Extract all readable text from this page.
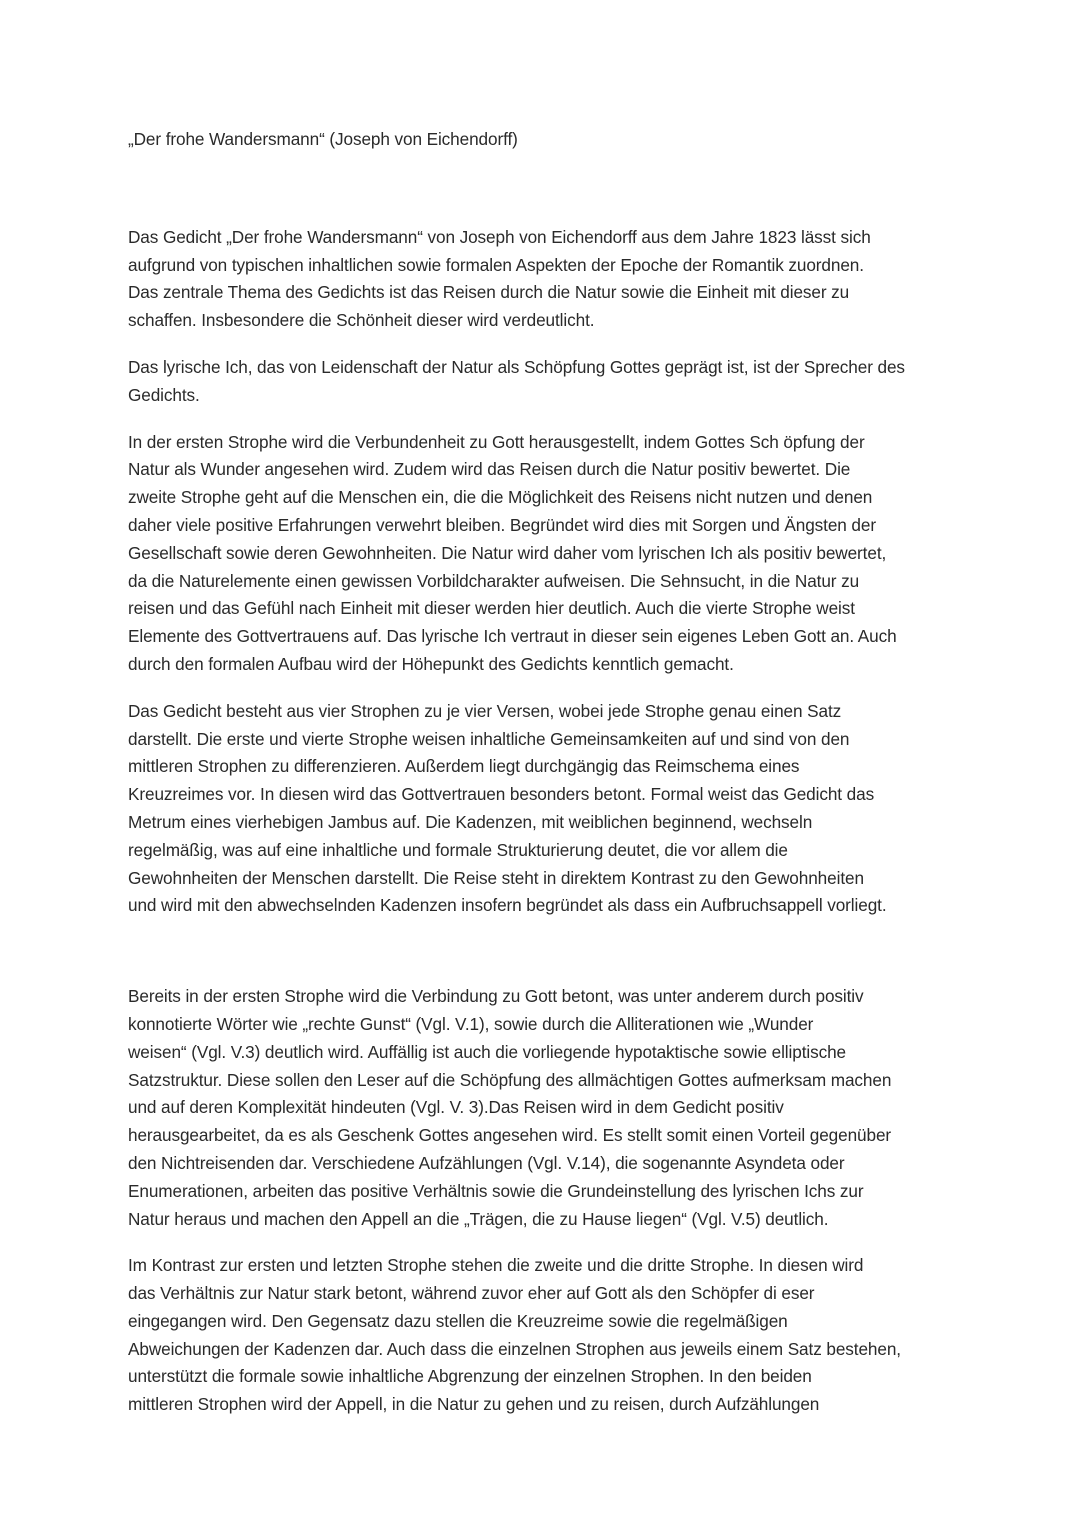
„Der frohe Wandersmann“ (Joseph von Eichendorff)

Das Gedicht „Der frohe Wandersmann“ von Joseph von Eichendorff aus dem Jahre 1823 lässt sich
aufgrund von typischen inhaltlichen sowie formalen Aspekten der Epoche der Romantik zuordnen.
Das zentrale Thema des Gedichts ist das Reisen durch die Natur sowie die Einheit mit dieser zu
schaffen. Insbesondere die Schönheit dieser wird verdeutlicht.

Das lyrische Ich, das von Leidenschaft der Natur als Schöpfung Gottes geprägt ist, ist der Sprecher des
Gedichts.

In der ersten Strophe wird die Verbundenheit zu Gott herausgestellt, indem Gottes Sch öpfung der
Natur als Wunder angesehen wird. Zudem wird das Reisen durch die Natur positiv bewertet. Die
zweite Strophe geht auf die Menschen ein, die die Möglichkeit des Reisens nicht nutzen und denen
daher viele positive Erfahrungen verwehrt bleiben. Begründet wird dies mit Sorgen und Ängsten der
Gesellschaft sowie deren Gewohnheiten. Die Natur wird daher vom lyrischen Ich als positiv bewertet,
da die Naturelemente einen gewissen Vorbildcharakter aufweisen. Die Sehnsucht, in die Natur zu
reisen und das Gefühl nach Einheit mit dieser werden hier deutlich. Auch die vierte Strophe weist
Elemente des Gottvertrauens auf. Das lyrische Ich vertraut in dieser sein eigenes Leben Gott an. Auch
durch den formalen Aufbau wird der Höhepunkt des Gedichts kenntlich gemacht.

Das Gedicht besteht aus vier Strophen zu je vier Versen, wobei jede Strophe genau einen Satz
darstellt. Die erste und vierte Strophe weisen inhaltliche Gemeinsamkeiten auf und sind von den
mittleren Strophen zu differenzieren. Außerdem liegt durchgängig das Reimschema eines
Kreuzreimes vor. In diesen wird das Gottvertrauen besonders betont. Formal weist das Gedicht das
Metrum eines vierhebigen Jambus auf. Die Kadenzen, mit weiblichen beginnend, wechseln
regelmäßig, was auf eine inhaltliche und formale Strukturierung deutet, die vor allem die
Gewohnheiten der Menschen darstellt. Die Reise steht in direktem Kontrast zu den Gewohnheiten
und wird mit den abwechselnden Kadenzen insofern begründet als dass ein Aufbruchsappell vorliegt.

Bereits in der ersten Strophe wird die Verbindung zu Gott betont, was unter anderem durch positiv
konnotierte Wörter wie „rechte Gunst“ (Vgl. V.1), sowie durch die Alliterationen wie „Wunder
weisen“ (Vgl. V.3) deutlich wird. Auffällig ist auch die vorliegende hypotaktische sowie elliptische
Satzstruktur. Diese sollen den Leser auf die Schöpfung des allmächtigen Gottes aufmerksam machen
und auf deren Komplexität hindeuten (Vgl. V. 3).Das Reisen wird in dem Gedicht positiv
herausgearbeitet, da es als Geschenk Gottes angesehen wird. Es stellt somit einen Vorteil gegenüber
den Nichtreisenden dar. Verschiedene Aufzählungen (Vgl. V.14), die sogenannte Asyndeta oder
Enumerationen, arbeiten das positive Verhältnis sowie die Grundeinstellung des lyrischen Ichs zur
Natur heraus und machen den Appell an die „Trägen, die zu Hause liegen“ (Vgl. V.5) deutlich.

Im Kontrast zur ersten und letzten Strophe stehen die zweite und die dritte Strophe. In diesen wird
das Verhältnis zur Natur stark betont, während zuvor eher auf Gott als den Schöpfer di eser
eingegangen wird. Den Gegensatz dazu stellen die Kreuzreime sowie die regelmäßigen
Abweichungen der Kadenzen dar. Auch dass die einzelnen Strophen aus jeweils einem Satz bestehen,
unterstützt die formale sowie inhaltliche Abgrenzung der einzelnen Strophen. In den beiden
mittleren Strophen wird der Appell, in die Natur zu gehen und zu reisen, durch Aufzählungen
